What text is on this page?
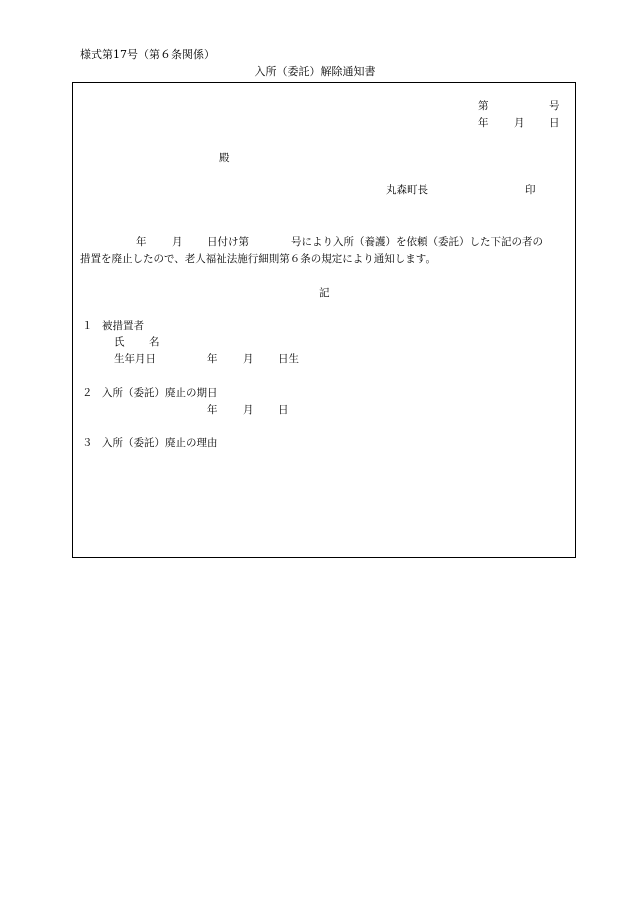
様式第17号（第６条関係）
入所（委託）解除通知書
第	号
年 月 日
殿
丸森町長	印
年 月 日付け第	号により入所（養護）を依頼（委託）した下記の者の
措置を廃止したので、老人福祉法施行細則第６条の規定により通知します。
記
１ 被措置者
氏 名
生年月日	年 月 日生
２ 入所（委託）廃止の期日
年 月 日
３ 入所（委託）廃止の理由
